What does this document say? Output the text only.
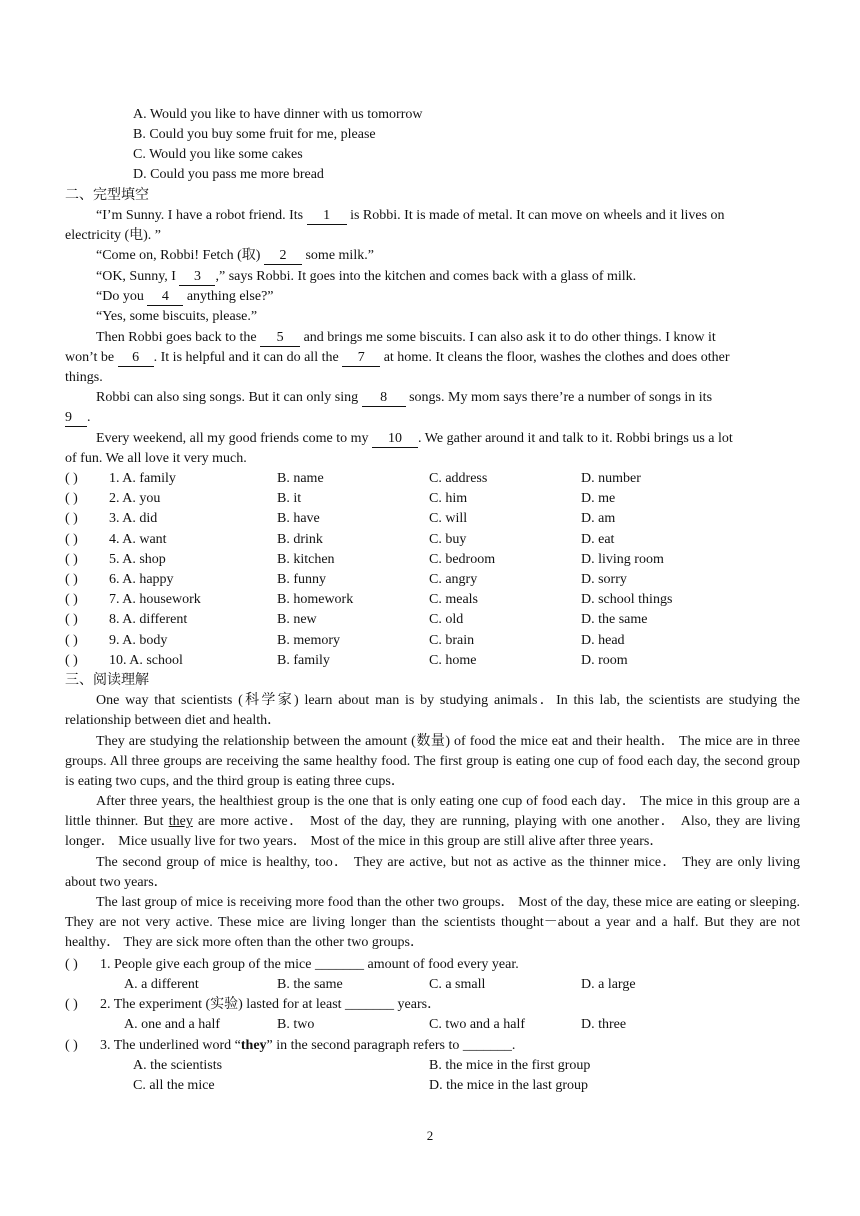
A. Would you like to have dinner with us tomorrow
B. Could you buy some fruit for me, please
C. Would you like some cakes
D. Could you pass me more bread
二、完型填空
“I’m Sunny. I have a robot friend. Its 1 is Robbi. It is made of metal. It can move on wheels and it lives on
electricity (电). ”
“Come on, Robbi! Fetch (取) 2 some milk.”
“OK, Sunny, I 3 ,” says Robbi. It goes into the kitchen and comes back with a glass of milk.
“Do you 4 anything else?”
“Yes, some biscuits, please.”
Then Robbi goes back to the 5 and brings me some biscuits. I can also ask it to do other things. I know it
won’t be 6 . It is helpful and it can do all the 7 at home. It cleans the floor, washes the clothes and does other
things.
Robbi can also sing songs. But it can only sing 8 songs. My mom says there’re a number of songs in its
9 .
Every weekend, all my good friends come to my 10 . We gather around it and talk to it. Robbi brings us a lot
of fun. We all love it very much.
( ) 1. A. family	B. name	C. address	D. number
( ) 2. A. you	B. it	C. him	D. me
( ) 3. A. did	B. have	C. will	D. am
( ) 4. A. want	B. drink	C. buy	D. eat
( ) 5. A. shop	B. kitchen	C. bedroom	D. living room
( ) 6. A. happy	B. funny	C. angry	D. sorry
( ) 7. A. housework	B. homework	C. meals	D. school things
( ) 8. A. different	B. new	C. old	D. the same
( ) 9. A. body	B. memory	C. brain	D. head
( ) 10. A. school	B. family	C. home	D. room
三、阅读理解
One way that scientists (科学家) learn about man is by studying animals．In this lab, the scientists are studying the relationship between diet and health．
They are studying the relationship between the amount (数量) of food the mice eat and their health． The mice are in three groups. All three groups are receiving the same healthy food. The first group is eating one cup of food each day, the second group is eating two cups, and the third group is eating three cups．
After three years, the healthiest group is the one that is only eating one cup of food each day． The mice in this group are a little thinner. But they are more active． Most of the day, they are running, playing with one another． Also, they are living longer． Mice usually live for two years． Most of the mice in this group are still alive after three years．
The second group of mice is healthy, too． They are active, but not as active as the thinner mice． They are only living about two years．
The last group of mice is receiving more food than the other two groups． Most of the day, these mice are eating or sleeping. They are not very active. These mice are living longer than the scientists thought－about a year and a half. But they are not healthy． They are sick more often than the other two groups．
( ) 1. People give each group of the mice _______ amount of food every year.
A. a different	B. the same	C. a small	D. a large
( ) 2. The experiment (实验) lasted for at least _______ years．
A. one and a half	B. two	C. two and a half	D. three
( ) 3. The underlined word “they” in the second paragraph refers to _______.
A. the scientists	B. the mice in the first group
C. all the mice	D. the mice in the last group
2
